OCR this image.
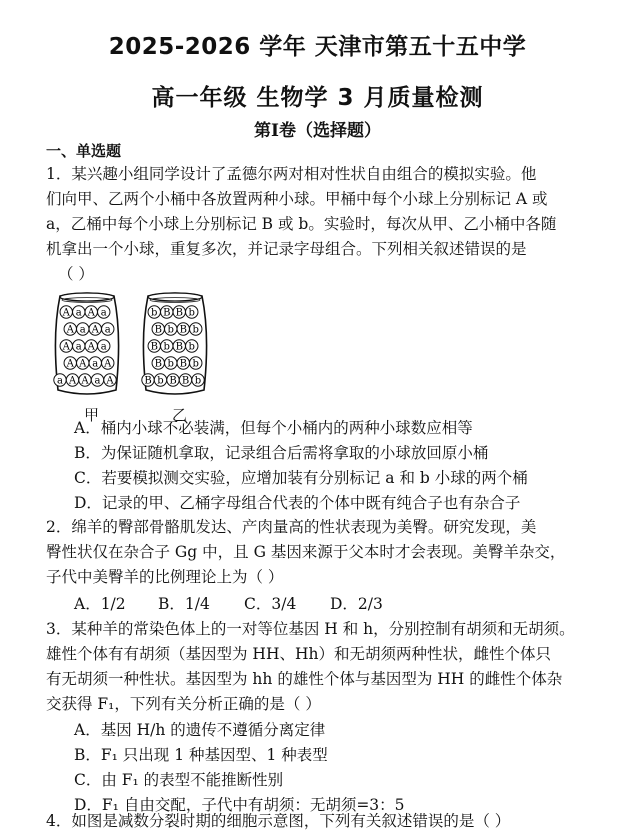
2025-2026 学年 天津市第五十五中学
高一年级 生物学 3 月质量检测
第Ⅰ卷（选择题）
一、单选题
1．某兴趣小组同学设计了孟德尔两对相对性状自由组合的模拟实验。他
们向甲、乙两个小桶中各放置两种小球。甲桶中每个小球上分别标记 A 或
a，乙桶中每个小球上分别标记 B 或 b。实验时，每次从甲、乙小桶中各随
机拿出一个小球，重复多次，并记录字母组合。下列相关叙述错误的是
（ ）
A a A a
A a A a
A a A a
A A a A
a A A a A
b B B b
B b B b
B b B b
B b B b
B b B B b
甲	乙
A．桶内小球不必装满，但每个小桶内的两种小球数应相等
B．为保证随机拿取，记录组合后需将拿取的小球放回原小桶
C．若要模拟测交实验，应增加装有分别标记 a 和 b 小球的两个桶
D．记录的甲、乙桶字母组合代表的个体中既有纯合子也有杂合子
2．绵羊的臀部骨骼肌发达、产肉量高的性状表现为美臀。研究发现，美
臀性状仅在杂合子 Gg 中，且 G 基因来源于父本时才会表现。美臀羊杂交，
子代中美臀羊的比例理论上为（ ）
A．1/2 B．1/4 C．3/4 D．2/3
3．某种羊的常染色体上的一对等位基因 H 和 h，分别控制有胡须和无胡须。
雄性个体有有胡须（基因型为 HH、Hh）和无胡须两种性状，雌性个体只
有无胡须一种性状。基因型为 hh 的雄性个体与基因型为 HH 的雌性个体杂
交获得 F₁，下列有关分析正确的是（ ）
A．基因 H/h 的遗传不遵循分离定律
B．F₁ 只出现 1 种基因型、1 种表型
C．由 F₁ 的表型不能推断性别
D．F₁ 自由交配，子代中有胡须：无胡须=3：5
4．如图是减数分裂时期的细胞示意图，下列有关叙述错误的是（ ）
